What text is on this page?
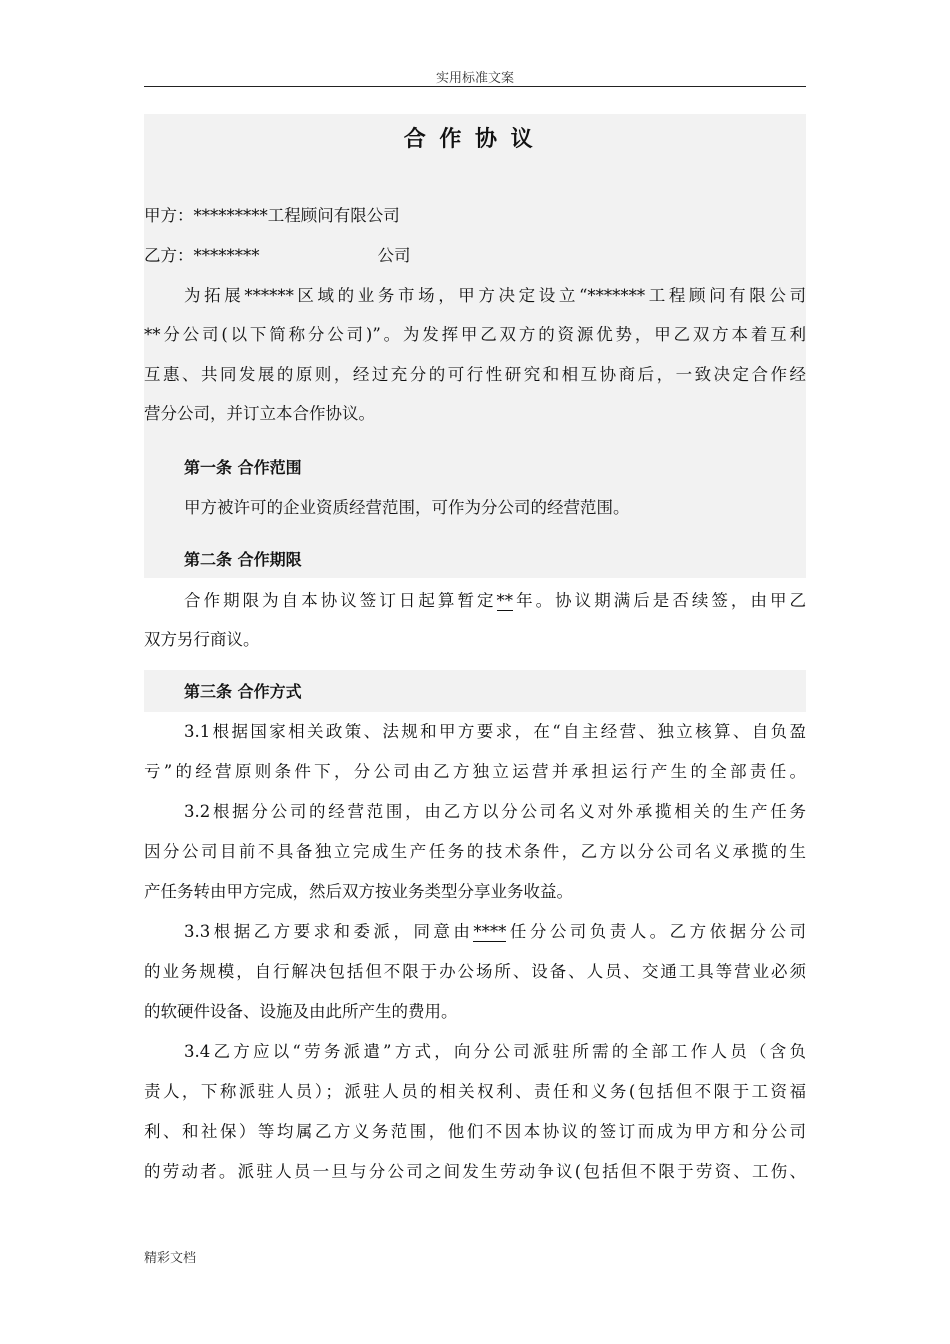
实用标准文案
合作协议
甲方：*********工程顾问有限公司
乙方：********	公司
为拓展******区域的业务市场，甲方决定设立“*******工程顾问有限公司
**分公司(以下简称分公司)”。为发挥甲乙双方的资源优势，甲乙双方本着互利
互惠、共同发展的原则，经过充分的可行性研究和相互协商后，一致决定合作经
营分公司，并订立本合作协议。
第一条 合作范围
甲方被许可的企业资质经营范围，可作为分公司的经营范围。
第二条 合作期限
合作期限为自本协议签订日起算暂定**年。协议期满后是否续签，由甲乙
双方另行商议。
第三条 合作方式
3.1根据国家相关政策、法规和甲方要求，在“自主经营、独立核算、自负盈
亏”的经营原则条件下，分公司由乙方独立运营并承担运行产生的全部责任。
3.2根据分公司的经营范围，由乙方以分公司名义对外承揽相关的生产任务
因分公司目前不具备独立完成生产任务的技术条件，乙方以分公司名义承揽的生
产任务转由甲方完成，然后双方按业务类型分享业务收益。
3.3根据乙方要求和委派，同意由****任分公司负责人。乙方依据分公司
的业务规模，自行解决包括但不限于办公场所、设备、人员、交通工具等营业必须
的软硬件设备、设施及由此所产生的费用。
3.4乙方应以“劳务派遣”方式，向分公司派驻所需的全部工作人员（含负
责人，下称派驻人员）；派驻人员的相关权利、责任和义务(包括但不限于工资福
利、和社保）等均属乙方义务范围，他们不因本协议的签订而成为甲方和分公司
的劳动者。派驻人员一旦与分公司之间发生劳动争议(包括但不限于劳资、工伤、
精彩文档
